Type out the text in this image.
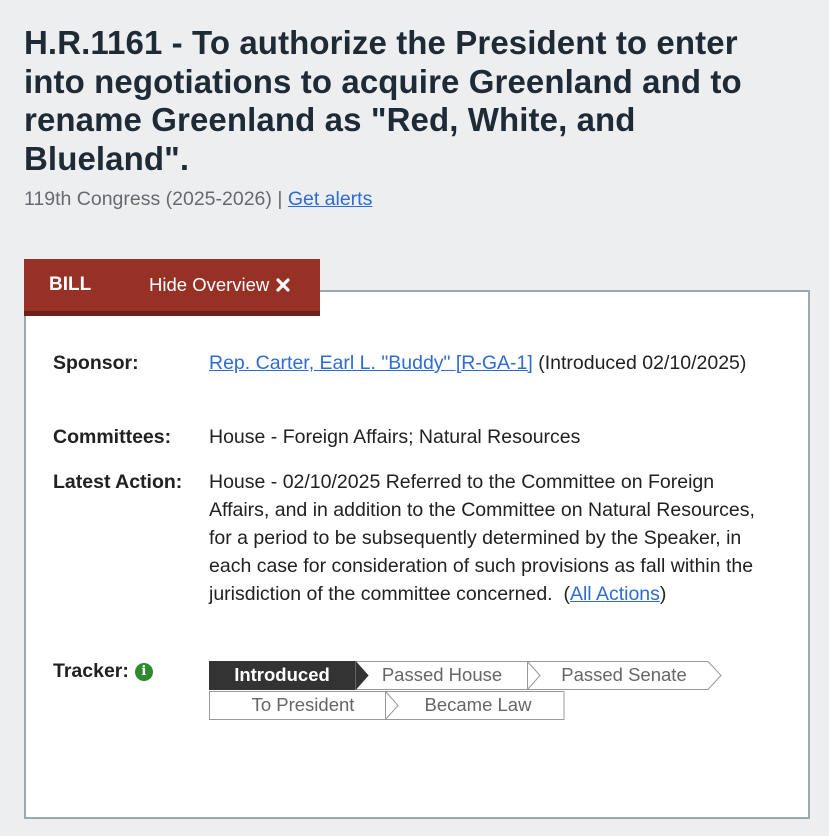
H.R.1161 - To authorize the President to enter into negotiations to acquire Greenland and to rename Greenland as "Red, White, and Blueland".
119th Congress (2025-2026) | Get alerts
BILL	Hide Overview
Sponsor:	Rep. Carter, Earl L. "Buddy" [R-GA-1] (Introduced 02/10/2025)
Committees: House - Foreign Affairs; Natural Resources
Latest Action: House - 02/10/2025 Referred to the Committee on Foreign Affairs, and in addition to the Committee on Natural Resources, for a period to be subsequently determined by the Speaker, in each case for consideration of such provisions as fall within the jurisdiction of the committee concerned. (All Actions)
Tracker: i	Introduced	Passed House	Passed Senate
To President	Became Law
